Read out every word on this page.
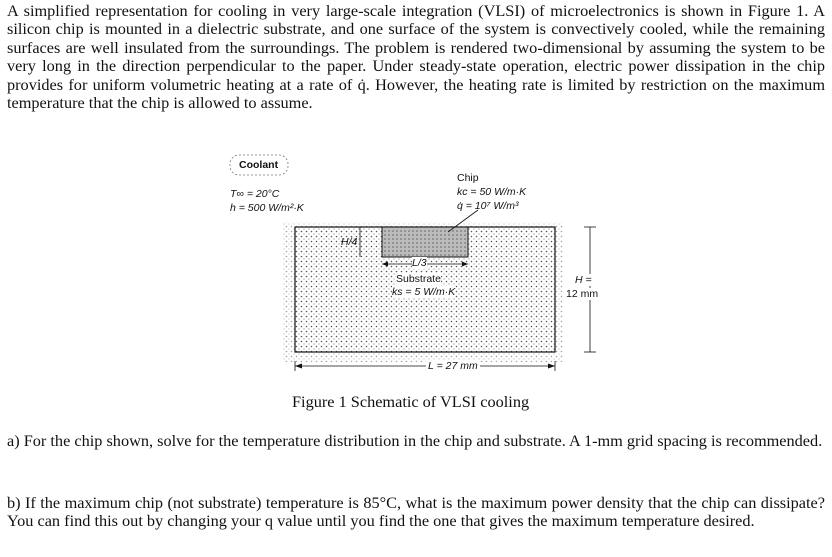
A simplified representation for cooling in very large-scale integration (VLSI) of microelectronics is shown in Figure 1. A silicon chip is mounted in a dielectric substrate, and one surface of the system is convectively cooled, while the remaining surfaces are well insulated from the surroundings. The problem is rendered two-dimensional by assuming the system to be very long in the direction perpendicular to the paper. Under steady-state operation, electric power dissipation in the chip provides for uniform volumetric heating at a rate of q̇. However, the heating rate is limited by restriction on the maximum temperature that the chip is allowed to assume.

Coolant
T∞ = 20°C
h = 500 W/m²·K
Chip
kc = 50 W/m·K
q̇ = 10⁷ W/m³
H/4
L/3
Substrate
ks = 5 W/m·K
H =
12 mm
L = 27 mm
Figure 1 Schematic of VLSI cooling

a) For the chip shown, solve for the temperature distribution in the chip and substrate. A 1-mm grid spacing is recommended.

b) If the maximum chip (not substrate) temperature is 85°C, what is the maximum power density that the chip can dissipate? You can find this out by changing your q value until you find the one that gives the maximum temperature desired.
